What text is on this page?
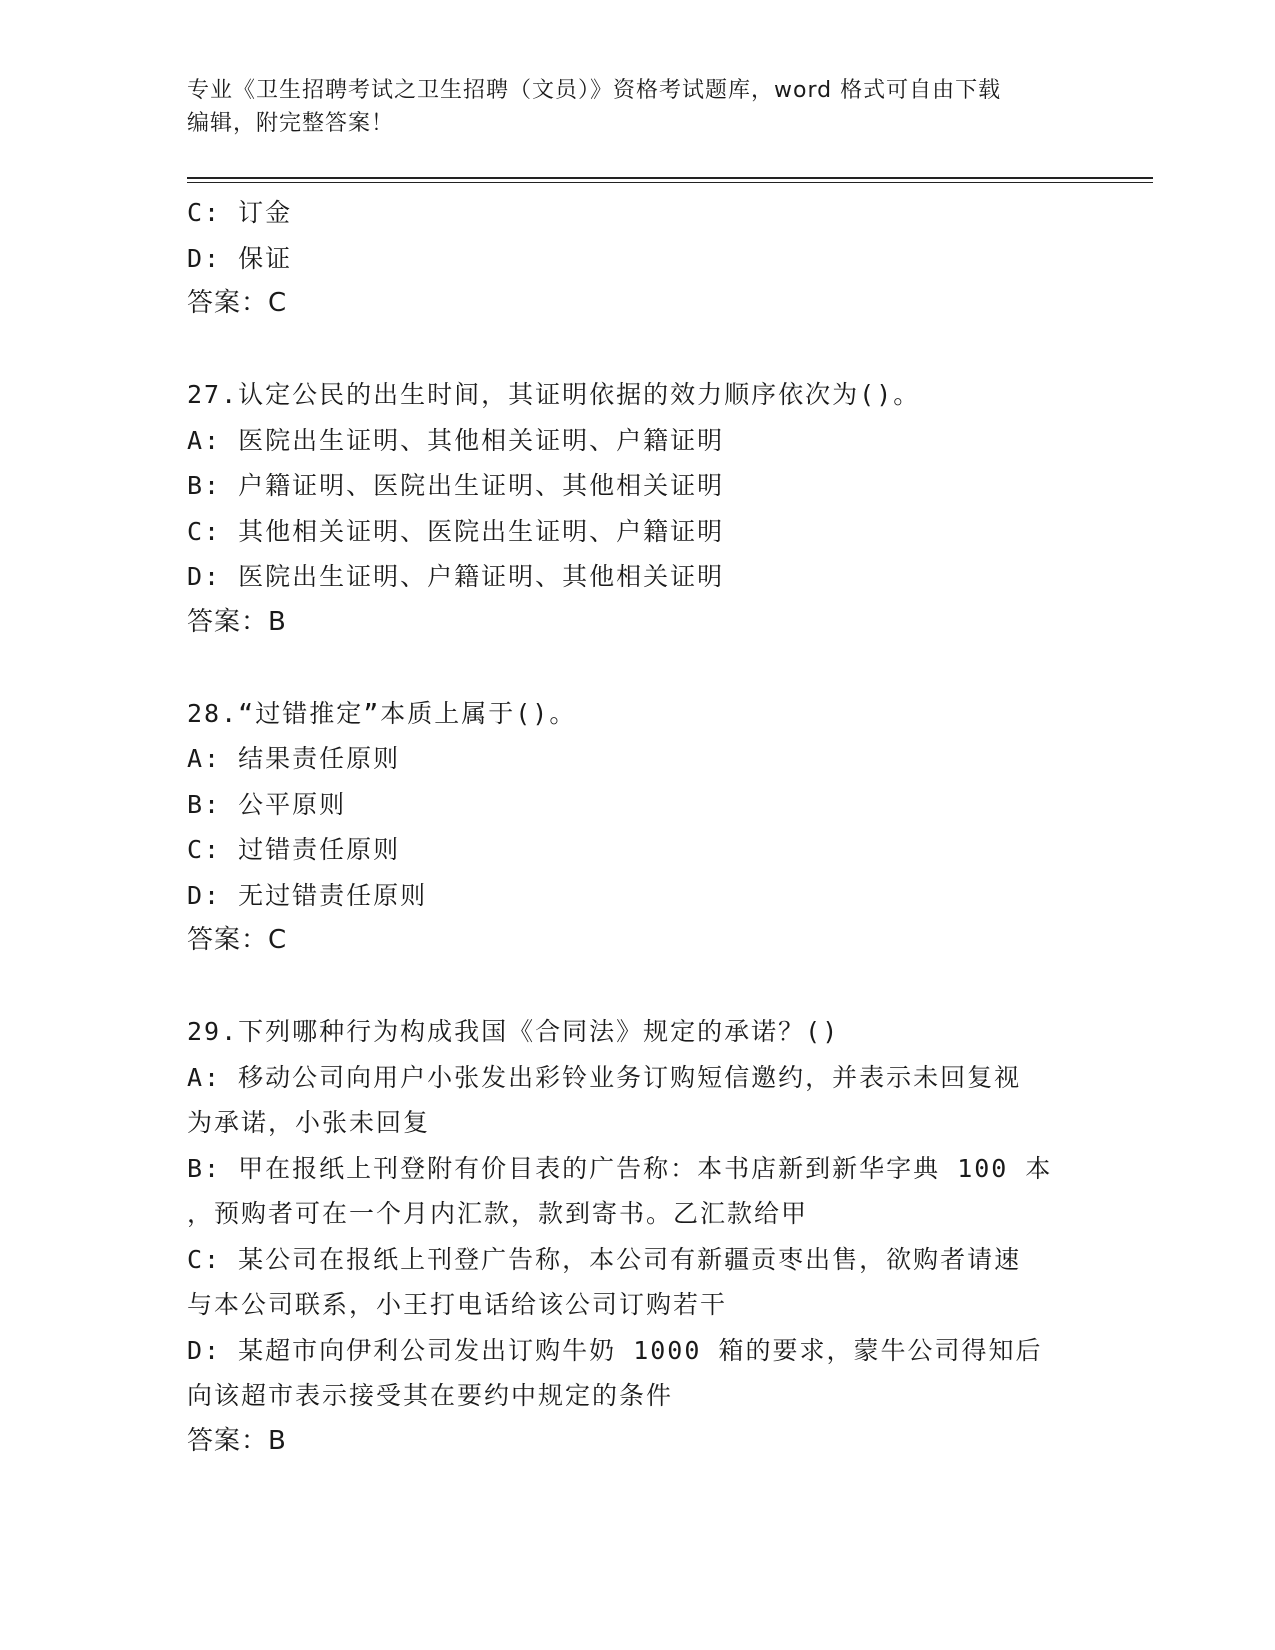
专业《卫生招聘考试之卫生招聘（文员）》资格考试题库，word 格式可自由下载
编辑，附完整答案！
C: 订金
D: 保证
答案：C
27.认定公民的出生时间，其证明依据的效力顺序依次为()。
A: 医院出生证明、其他相关证明、户籍证明
B: 户籍证明、医院出生证明、其他相关证明
C: 其他相关证明、医院出生证明、户籍证明
D: 医院出生证明、户籍证明、其他相关证明
答案：B
28.“过错推定”本质上属于()。
A: 结果责任原则
B: 公平原则
C: 过错责任原则
D: 无过错责任原则
答案：C
29.下列哪种行为构成我国《合同法》规定的承诺？()
A: 移动公司向用户小张发出彩铃业务订购短信邀约，并表示未回复视
为承诺，小张未回复
B: 甲在报纸上刊登附有价目表的广告称：本书店新到新华字典 100 本
，预购者可在一个月内汇款，款到寄书。乙汇款给甲
C: 某公司在报纸上刊登广告称，本公司有新疆贡枣出售，欲购者请速
与本公司联系，小王打电话给该公司订购若干
D: 某超市向伊利公司发出订购牛奶 1000 箱的要求，蒙牛公司得知后
向该超市表示接受其在要约中规定的条件
答案：B
